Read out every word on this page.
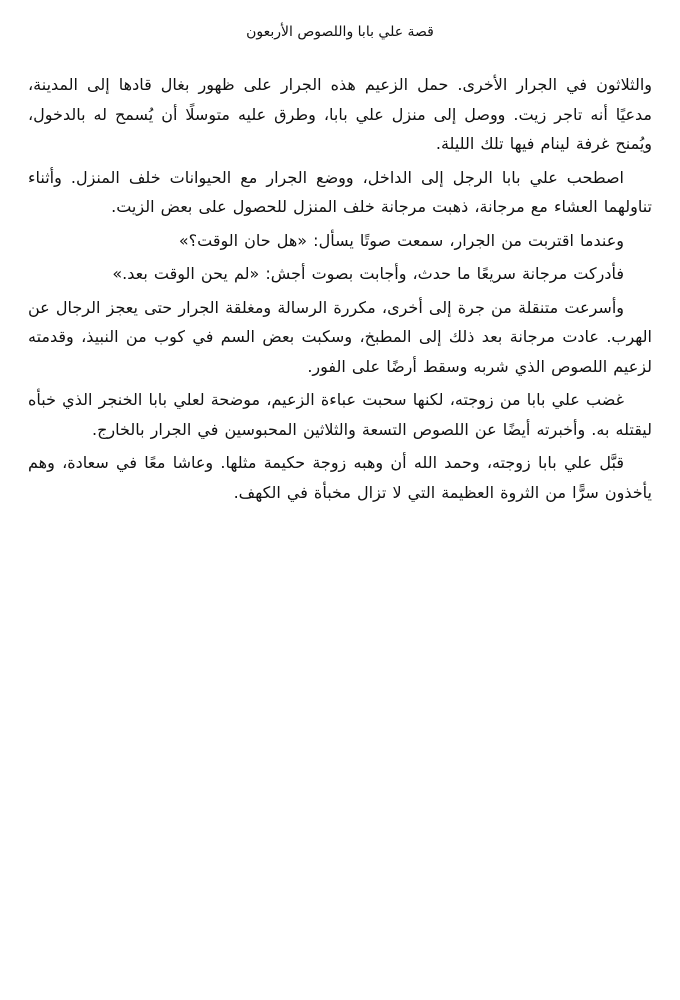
قصة علي بابا واللصوص الأربعون

والثلاثون في الجرار الأخرى. حمل الزعيم هذه الجرار على ظهور بغال قادها إلى المدينة، مدعيًا أنه تاجر زيت. ووصل إلى منزل علي بابا، وطرق عليه متوسلًا أن يُسمح له بالدخول، ويُمنح غرفة لينام فيها تلك الليلة.

اصطحب علي بابا الرجل إلى الداخل، ووضع الجرار مع الحيوانات خلف المنزل. وأثناء تناولهما العشاء مع مرجانة، ذهبت مرجانة خلف المنزل للحصول على بعض الزيت.

وعندما اقتربت من الجرار، سمعت صوتًا يسأل: «هل حان الوقت؟»

فأدركت مرجانة سريعًا ما حدث، وأجابت بصوت أجش: «لم يحن الوقت بعد.»

وأسرعت متنقلة من جرة إلى أخرى، مكررة الرسالة ومغلقة الجرار حتى يعجز الرجال عن الهرب. عادت مرجانة بعد ذلك إلى المطبخ، وسكبت بعض السم في كوب من النبيذ، وقدمته لزعيم اللصوص الذي شربه وسقط أرضًا على الفور.

غضب علي بابا من زوجته، لكنها سحبت عباءة الزعيم، موضحة لعلي بابا الخنجر الذي خبأه ليقتله به. وأخبرته أيضًا عن اللصوص التسعة والثلاثين المحبوسين في الجرار بالخارج.

قبَّل علي بابا زوجته، وحمد الله أن وهبه زوجة حكيمة مثلها. وعاشا معًا في سعادة، وهم يأخذون سرًّا من الثروة العظيمة التي لا تزال مخبأة في الكهف.
